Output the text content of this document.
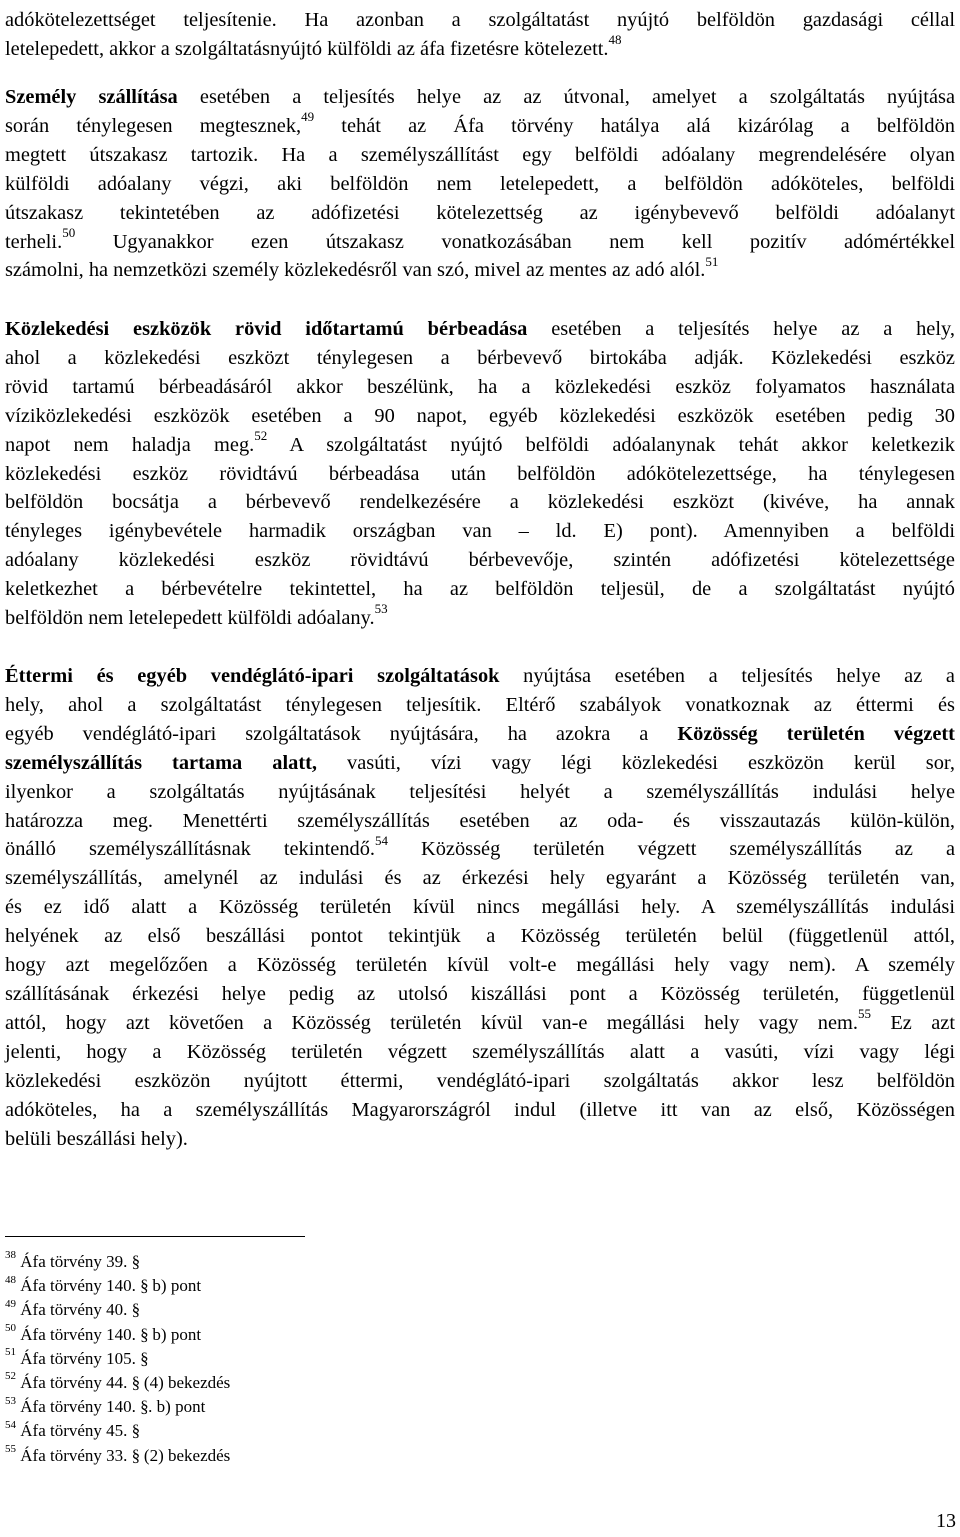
adókötelezettséget teljesítenie. Ha azonban a szolgáltatást nyújtó belföldön gazdasági céllal
letelepedett, akkor a szolgáltatásnyújtó külföldi az áfa fizetésre kötelezett.$^{48}$
Személy szállítása esetében a teljesítés helye az az útvonal, amelyet a szolgáltatás nyújtása
során ténylegesen megtesznek,$^{49}$ tehát az Áfa törvény hatálya alá kizárólag a belföldön
megtett útszakasz tartozik. Ha a személyszállítást egy belföldi adóalany megrendelésére olyan
külföldi adóalany végzi, aki belföldön nem letelepedett, a belföldön adóköteles, belföldi
útszakasz tekintetében az adófizetési kötelezettség az igénybevevő belföldi adóalanyt
terheli.$^{50}$ Ugyanakkor ezen útszakasz vonatkozásában nem kell pozitív adómértékkel
számolni, ha nemzetközi személy közlekedésről van szó, mivel az mentes az adó alól.$^{51}$
Közlekedési eszközök rövid időtartamú bérbeadása esetében a teljesítés helye az a hely,
ahol a közlekedési eszközt ténylegesen a bérbevevő birtokába adják. Közlekedési eszköz
rövid tartamú bérbeadásáról akkor beszélünk, ha a közlekedési eszköz folyamatos használata
víziközlekedési eszközök esetében a 90 napot, egyéb közlekedési eszközök esetében pedig 30
napot nem haladja meg.$^{52}$ A szolgáltatást nyújtó belföldi adóalanynak tehát akkor keletkezik
közlekedési eszköz rövidtávú bérbeadása után belföldön adókötelezettsége, ha ténylegesen
belföldön bocsátja a bérbevevő rendelkezésére a közlekedési eszközt (kivéve, ha annak
tényleges igénybevétele harmadik országban van – ld. E) pont). Amennyiben a belföldi
adóalany közlekedési eszköz rövidtávú bérbevevője, szintén adófizetési kötelezettsége
keletkezhet a bérbevételre tekintettel, ha az belföldön teljesül, de a szolgáltatást nyújtó
belföldön nem letelepedett külföldi adóalany.$^{53}$
Éttermi és egyéb vendéglátó-ipari szolgáltatások nyújtása esetében a teljesítés helye az a
hely, ahol a szolgáltatást ténylegesen teljesítik. Eltérő szabályok vonatkoznak az éttermi és
egyéb vendéglátó-ipari szolgáltatások nyújtására, ha azokra a Közösség területén végzett
személyszállítás tartama alatt, vasúti, vízi vagy légi közlekedési eszközön kerül sor,
ilyenkor a szolgáltatás nyújtásának teljesítési helyét a személyszállítás indulási helye
határozza meg. Menettérti személyszállítás esetében az oda- és visszautazás külön-külön,
önálló személyszállításnak tekintendő.$^{54}$ Közösség területén végzett személyszállítás az a
személyszállítás, amelynél az indulási és az érkezési hely egyaránt a Közösség területén van,
és ez idő alatt a Közösség területén kívül nincs megállási hely. A személyszállítás indulási
helyének az első beszállási pontot tekintjük a Közösség területén belül (függetlenül attól,
hogy azt megelőzően a Közösség területén kívül volt-e megállási hely vagy nem). A személy
szállításának érkezési helye pedig az utolsó kiszállási pont a Közösség területén, függetlenül
attól, hogy azt követően a Közösség területén kívül van-e megállási hely vagy nem.$^{55}$ Ez azt
jelenti, hogy a Közösség területén végzett személyszállítás alatt a vasúti, vízi vagy légi
közlekedési eszközön nyújtott éttermi, vendéglátó-ipari szolgáltatás akkor lesz belföldön
adóköteles, ha a személyszállítás Magyarországról indul (illetve itt van az első, Közösségen
belüli beszállási hely).
$^{38}$ Áfa törvény 39. §
$^{48}$ Áfa törvény 140. § b) pont
$^{49}$ Áfa törvény 40. §
$^{50}$ Áfa törvény 140. § b) pont
$^{51}$ Áfa törvény 105. §
$^{52}$ Áfa törvény 44. § (4) bekezdés
$^{53}$ Áfa törvény 140. §. b) pont
$^{54}$ Áfa törvény 45. §
$^{55}$ Áfa törvény 33. § (2) bekezdés
13
